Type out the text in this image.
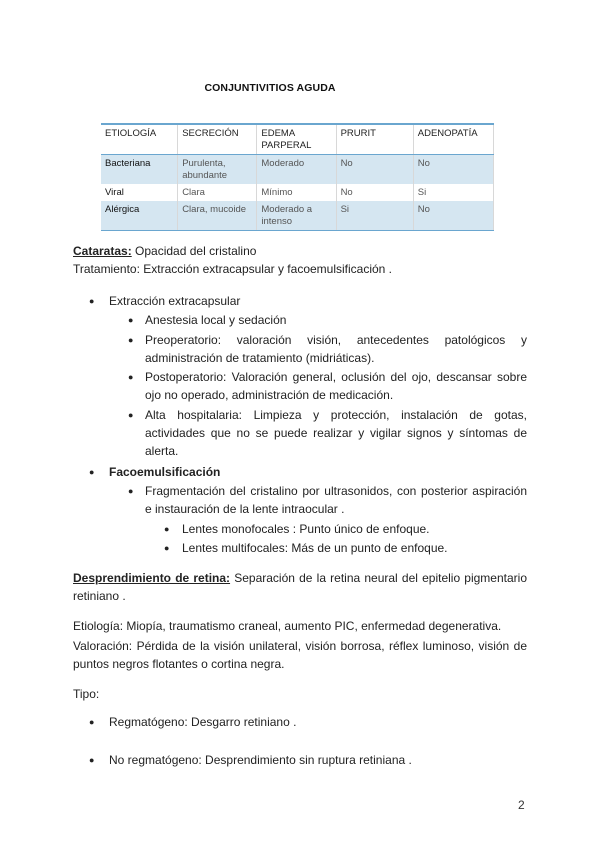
CONJUNTIVITIOS AGUDA
ETIOLOGÍA	SECRECIÓN	EDEMA PARPERAL	PRURIT	ADENOPATÍA
Bacteriana	Purulenta, abundante	Moderado	No	No
Viral	Clara	Mínimo	No	Si
Alérgica	Clara, mucoide	Moderado a intenso	Si	No
Cataratas: Opacidad del cristalino
Tratamiento: Extracción extracapsular y facoemulsificación .
● Extracción extracapsular
● Anestesia local y sedación
● Preoperatorio: valoración visión, antecedentes patológicos y administración de tratamiento (midriáticas).
● Postoperatorio: Valoración general, oclusión del ojo, descansar sobre ojo no operado, administración de medicación.
● Alta hospitalaria: Limpieza y protección, instalación de gotas, actividades que no se puede realizar y vigilar signos y síntomas de alerta.
● Facoemulsificación
● Fragmentación del cristalino por ultrasonidos, con posterior aspiración e instauración de la lente intraocular .
● Lentes monofocales : Punto único de enfoque.
● Lentes multifocales: Más de un punto de enfoque.
Desprendimiento de retina: Separación de la retina neural del epitelio pigmentario retiniano .
Etiología: Miopía, traumatismo craneal, aumento PIC, enfermedad degenerativa.
Valoración: Pérdida de la visión unilateral, visión borrosa, réflex luminoso, visión de puntos negros flotantes o cortina negra.
Tipo:
● Regmatógeno: Desgarro retiniano .
● No regmatógeno: Desprendimiento sin ruptura retiniana .
2
